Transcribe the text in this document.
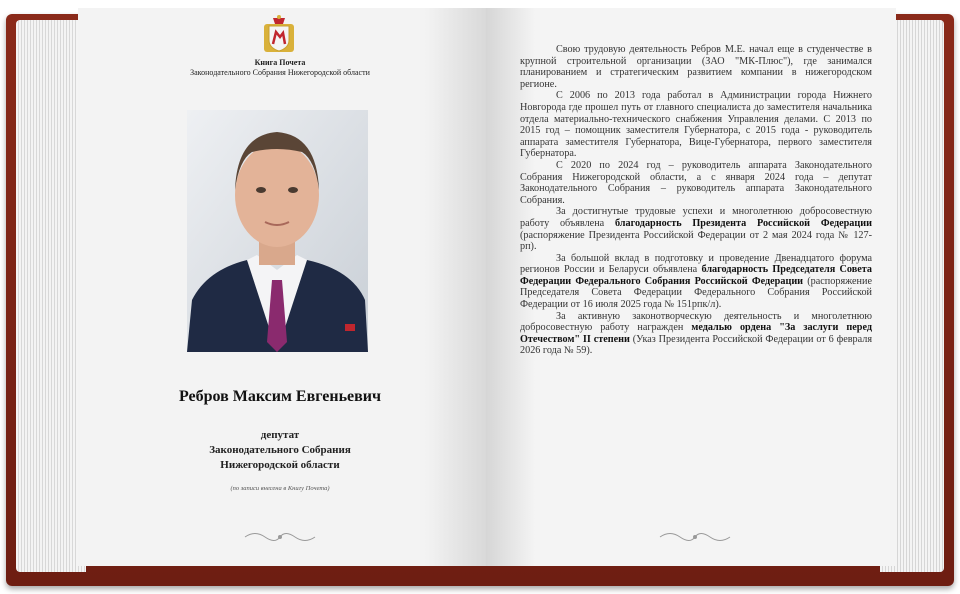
Книга Почета
Законодательного Собрания Нижегородской области
Ребров Максим Евгеньевич
депутат
Законодательного Собрания
Нижегородской области
(по записи внесена в Книгу Почета)

Свою трудовую деятельность Ребров М.Е. начал еще в студенчестве в крупной строительной организации (ЗАО "МК-Плюс"), где занимался планированием и стратегическим развитием компании в нижегородском регионе.

С 2006 по 2013 года работал в Администрации города Нижнего Новгорода где прошел путь от главного специалиста до заместителя начальника отдела материально-технического снабжения Управления делами. С 2013 по 2015 год – помощник заместителя Губернатора, с 2015 года - руководитель аппарата заместителя Губернатора, Вице-Губернатора, первого заместителя Губернатора.

С 2020 по 2024 год – руководитель аппарата Законодательного Собрания Нижегородской области, а с января 2024 года – депутат Законодательного Собрания – руководитель аппарата Законодательного Собрания.

За достигнутые трудовые успехи и многолетнюю добросовестную работу объявлена благодарность Президента Российской Федерации (распоряжение Президента Российской Федерации от 2 мая 2024 года № 127-рп).

За большой вклад в подготовку и проведение Двенадцатого форума регионов России и Беларуси объявлена благодарность Председателя Совета Федерации Федерального Собрания Российской Федерации (распоряжение Председателя Совета Федерации Федерального Собрания Российской Федерации от 16 июля 2025 года № 151рпк/л).

За активную законотворческую деятельность и многолетнюю добросовестную работу награжден медалью ордена "За заслуги перед Отечеством" II степени (Указ Президента Российской Федерации от 6 февраля 2026 года № 59).
